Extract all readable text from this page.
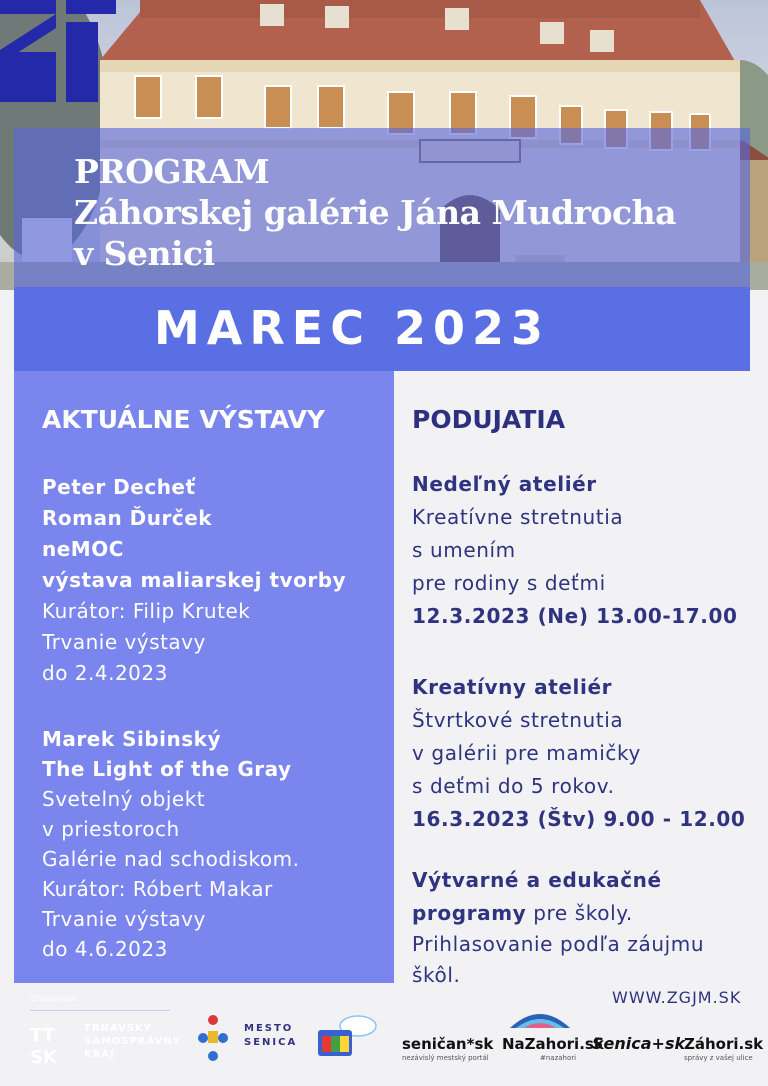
PROGRAM
Záhorskej galérie Jána Mudrocha
v Senici
MAREC 2023
AKTUÁLNE VÝSTAVY
Peter Decheť
Roman Ďurček
neMOC
výstava maliarskej tvorby
Kurátor: Filip Krutek
Trvanie výstavy
do 2.4.2023
Marek Sibinský
The Light of the Gray
Svetelný objekt
v priestoroch
Galérie nad schodiskom.
Kurátor: Róbert Makar
Trvanie výstavy
do 4.6.2023
PODUJATIA
Nedeľný ateliér
Kreatívne stretnutia
s umením
pre rodiny s deťmi
12.3.2023 (Ne) 13.00-17.00
Kreatívny ateliér
Štvrtkové stretnutia
v galérii pre mamičky
s deťmi do 5 rokov.
16.3.2023 (Štv) 9.00 - 12.00
Výtvarné a edukačné
programy pre školy.
Prihlasovanie podľa záujmu
škôl.
WWW.ZGJM.SK
Zriaďovateľ:
TT
SK
TRNAVSKÝ
SAMOSPRÁVNY
KRAJ
MESTO
SENICA	seničan*sk
nezávislý mestský portál
NaZahori.sk
#nazahori
Senica+sk
Záhori.sk
správy z vašej ulice
